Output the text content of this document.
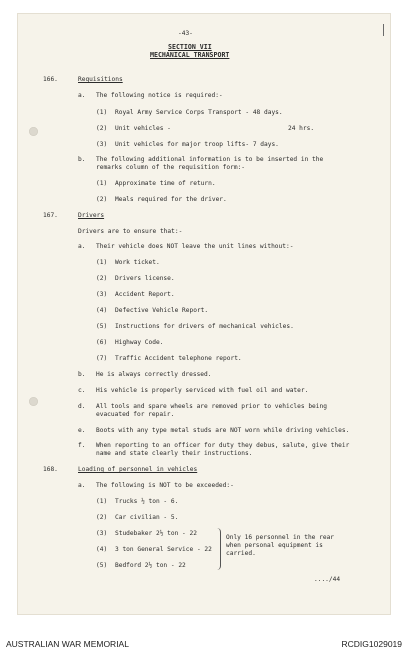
-43-
SECTION VII
MECHANICAL TRANSPORT
166.	Requisitions
a. The following notice is required:-
(1) Royal Army Service Corps Transport - 48 days.
(2) Unit vehicles -	24 hrs.
(3) Unit vehicles for major troop lifts- 7 days.
b. The following additional information is to be inserted in the
remarks column of the requisition form:-
(1) Approximate time of return.
(2) Meals required for the driver.
167.	Drivers
Drivers are to ensure that:-
a. Their vehicle does NOT leave the unit lines without:-
(1) Work ticket.
(2) Drivers license.
(3) Accident Report.
(4) Defective Vehicle Report.
(5) Instructions for drivers of mechanical vehicles.
(6) Highway Code.
(7) Traffic Accident telephone report.
b. He is always correctly dressed.
c. His vehicle is properly serviced with fuel oil and water.
d. All tools and spare wheels are removed prior to vehicles being
evacuated for repair.
e. Boots with any type metal studs are NOT worn while driving vehicles.
f. When reporting to an officer for duty they debus, salute, give their
name and state clearly their instructions.
168.	Loading of personnel in vehicles
a. The following is NOT to be exceeded:-
(1) Trucks ½ ton - 6.
(2) Car civilian - 5.
(3) Studebaker 2½ ton - 22
(4) 3 ton General Service - 22
(5) Bedford 2½ ton - 22
Only 16 personnel in the rear
when personal equipment is
carried.
..../44
AUSTRALIAN WAR MEMORIAL	RCDIG1029019
